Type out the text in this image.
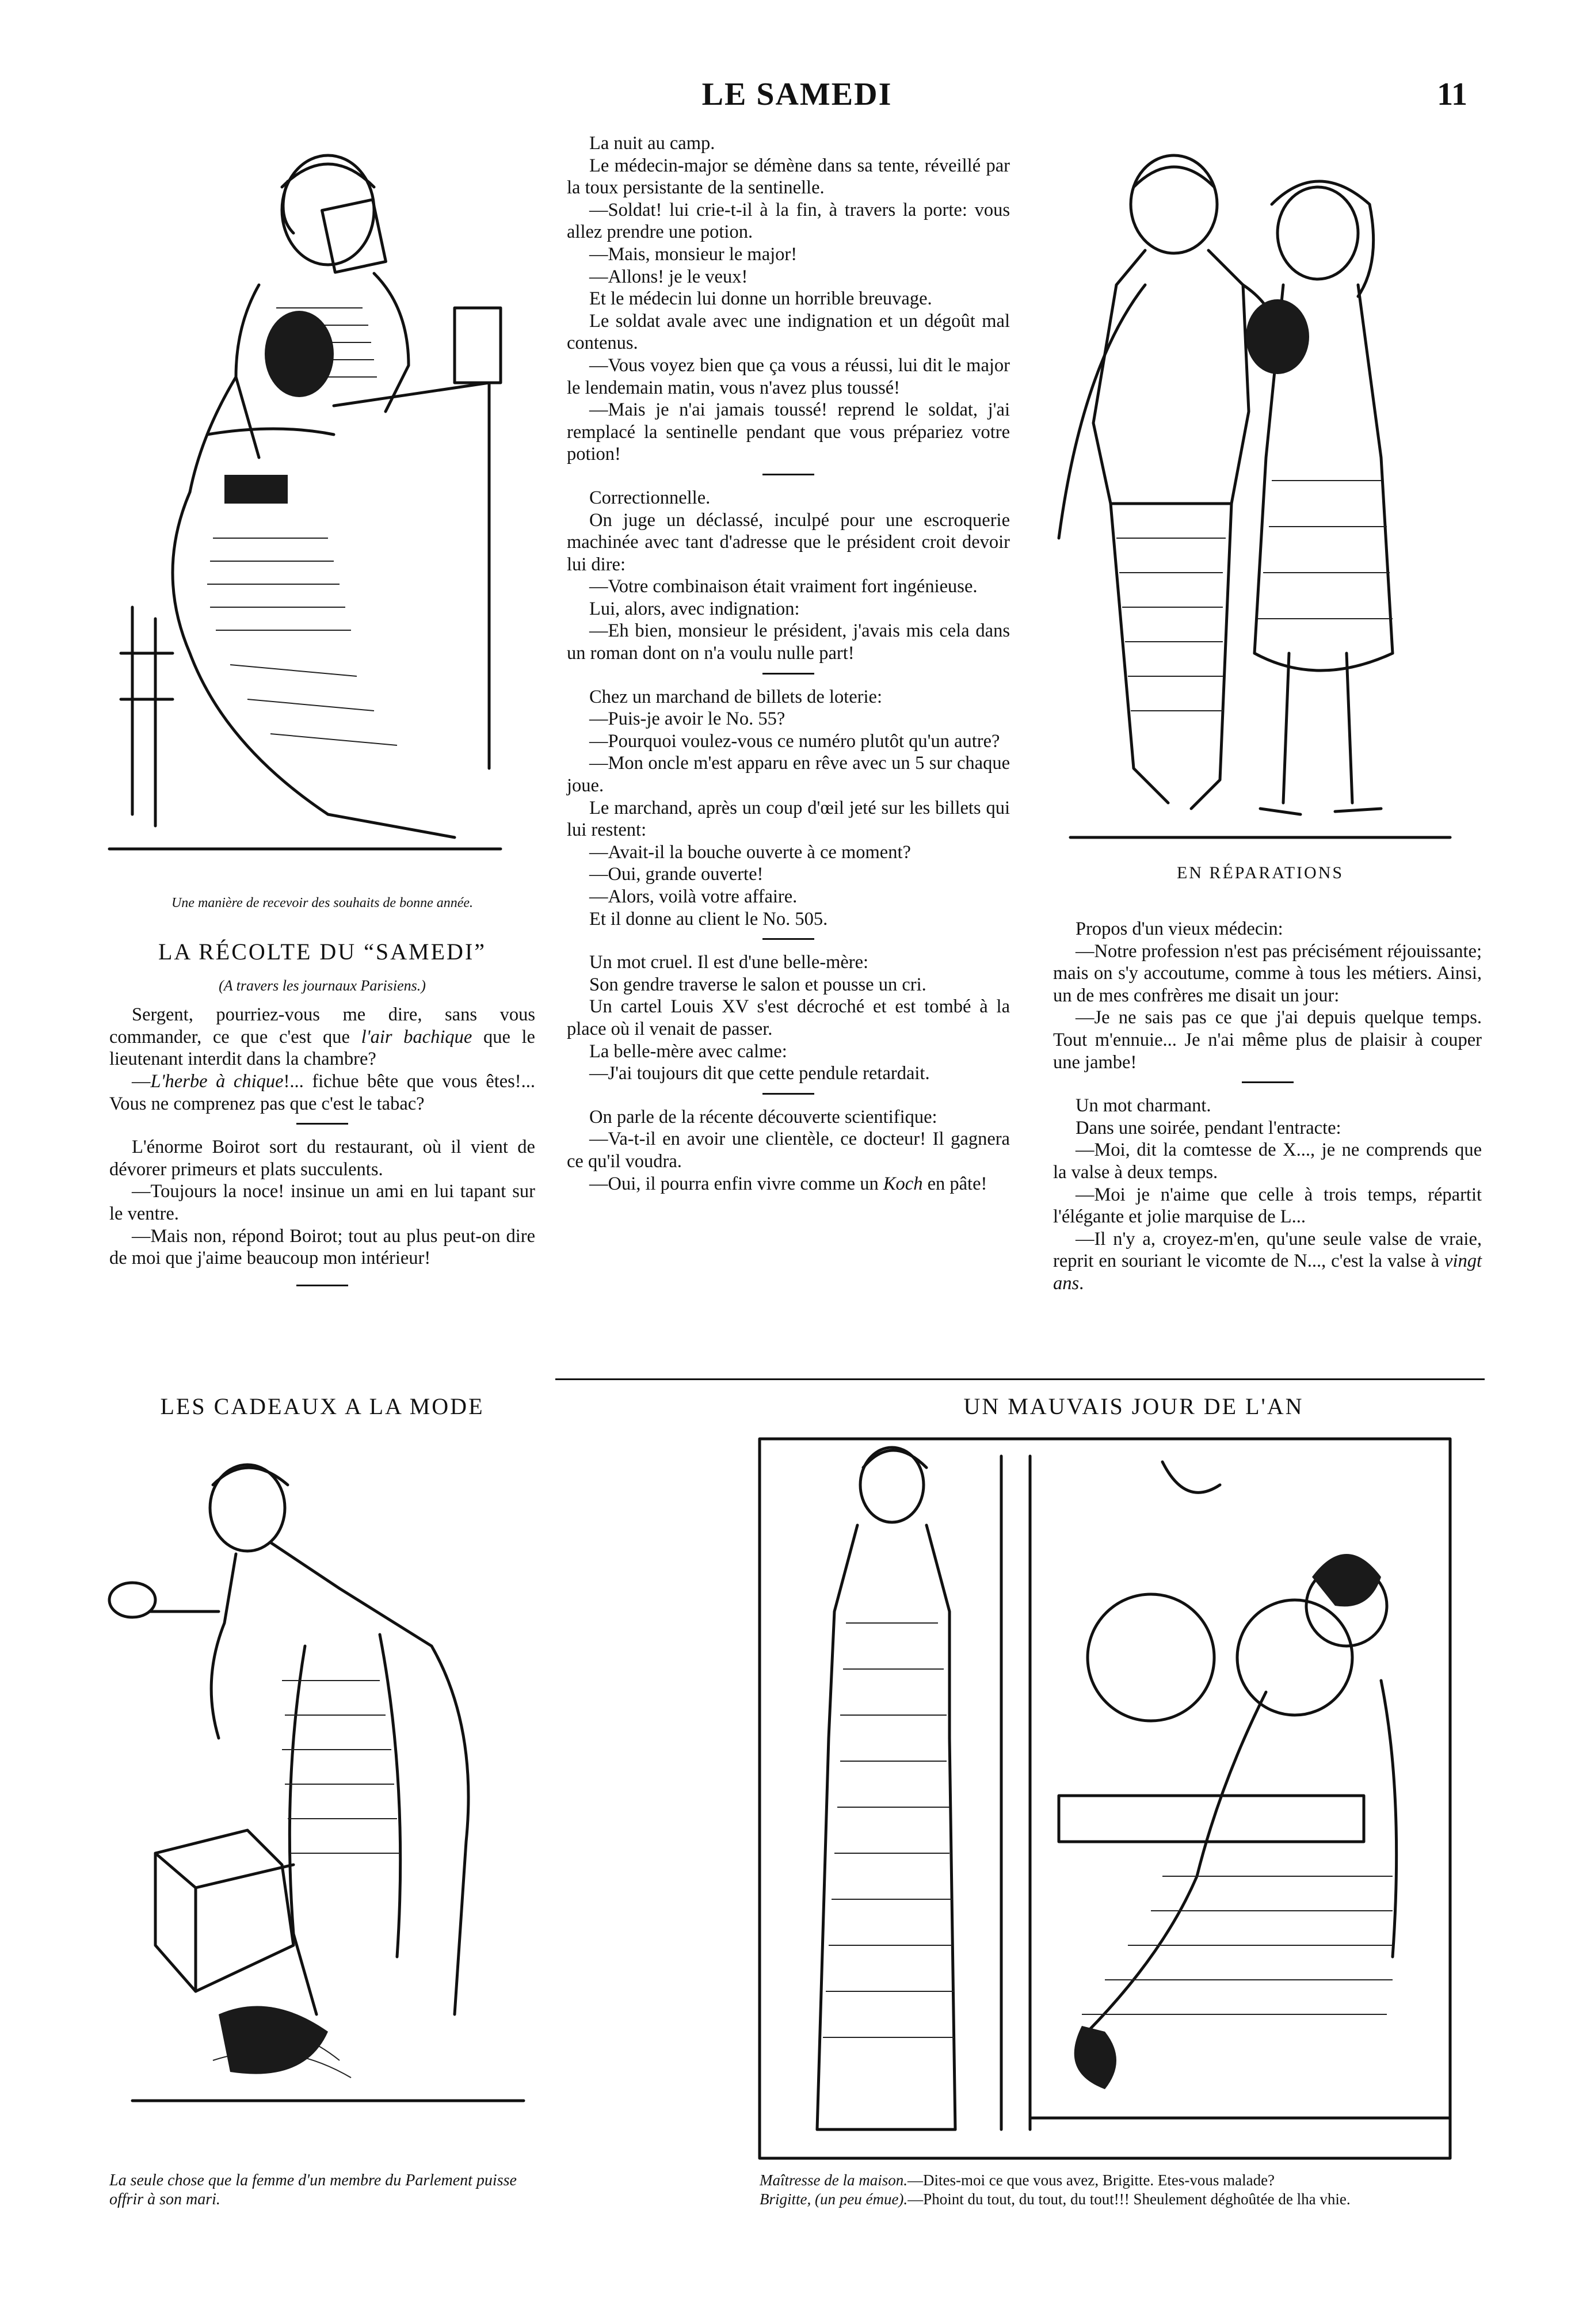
LE SAMEDI	11
Une manière de recevoir des souhaits de bonne année.
LA RÉCOLTE DU “SAMEDI”
(A travers les journaux Parisiens.)

Sergent, pourriez-vous me dire, sans vous commander, ce que c'est que l'air bachique que le lieutenant interdit dans la chambre?

—L'herbe à chique!... fichue bête que vous êtes!... Vous ne comprenez pas que c'est le tabac?

L'énorme Boirot sort du restaurant, où il vient de dévorer primeurs et plats succulents.

—Toujours la noce! insinue un ami en lui tapant sur le ventre.

—Mais non, répond Boirot; tout au plus peut-on dire de moi que j'aime beaucoup mon intérieur!

La nuit au camp.

Le médecin-major se démène dans sa tente, réveillé par la toux persistante de la sentinelle.

—Soldat! lui crie-t-il à la fin, à travers la porte: vous allez prendre une potion.

—Mais, monsieur le major!

—Allons! je le veux!

Et le médecin lui donne un horrible breuvage.

Le soldat avale avec une indignation et un dégoût mal contenus.

—Vous voyez bien que ça vous a réussi, lui dit le major le lendemain matin, vous n'avez plus toussé!

—Mais je n'ai jamais toussé! reprend le soldat, j'ai remplacé la sentinelle pendant que vous prépariez votre potion!

Correctionnelle.

On juge un déclassé, inculpé pour une escroquerie machinée avec tant d'adresse que le président croit devoir lui dire:

—Votre combinaison était vraiment fort ingénieuse.

Lui, alors, avec indignation:

—Eh bien, monsieur le président, j'avais mis cela dans un roman dont on n'a voulu nulle part!

Chez un marchand de billets de loterie:

—Puis-je avoir le No. 55?

—Pourquoi voulez-vous ce numéro plutôt qu'un autre?

—Mon oncle m'est apparu en rêve avec un 5 sur chaque joue.

Le marchand, après un coup d'œil jeté sur les billets qui lui restent:

—Avait-il la bouche ouverte à ce moment?

—Oui, grande ouverte!

—Alors, voilà votre affaire.

Et il donne au client le No. 505.

Un mot cruel. Il est d'une belle-mère:

Son gendre traverse le salon et pousse un cri.

Un cartel Louis XV s'est décroché et est tombé à la place où il venait de passer.

La belle-mère avec calme:

—J'ai toujours dit que cette pendule retardait.

On parle de la récente découverte scientifique:

—Va-t-il en avoir une clientèle, ce docteur! Il gagnera ce qu'il voudra.

—Oui, il pourra enfin vivre comme un Koch en pâte!

EN RÉPARATIONS

Propos d'un vieux médecin:

—Notre profession n'est pas précisément réjouissante; mais on s'y accoutume, comme à tous les métiers. Ainsi, un de mes confrères me disait un jour:

—Je ne sais pas ce que j'ai depuis quelque temps. Tout m'ennuie... Je n'ai même plus de plaisir à couper une jambe!

Un mot charmant.

Dans une soirée, pendant l'entracte:

—Moi, dit la comtesse de X..., je ne comprends que la valse à deux temps.

—Moi je n'aime que celle à trois temps, répartit l'élégante et jolie marquise de L...

—Il n'y a, croyez-m'en, qu'une seule valse de vraie, reprit en souriant le vicomte de N..., c'est la valse à vingt ans.

LES CADEAUX A LA MODE
La seule chose que la femme d'un membre du Parlement puisse offrir à son mari.
UN MAUVAIS JOUR DE L'AN
Maîtresse de la maison.—Dites-moi ce que vous avez, Brigitte. Etes-vous malade?
Brigitte, (un peu émue).—Phoint du tout, du tout, du tout!!! Sheulement déghoûtée de lha vhie.
